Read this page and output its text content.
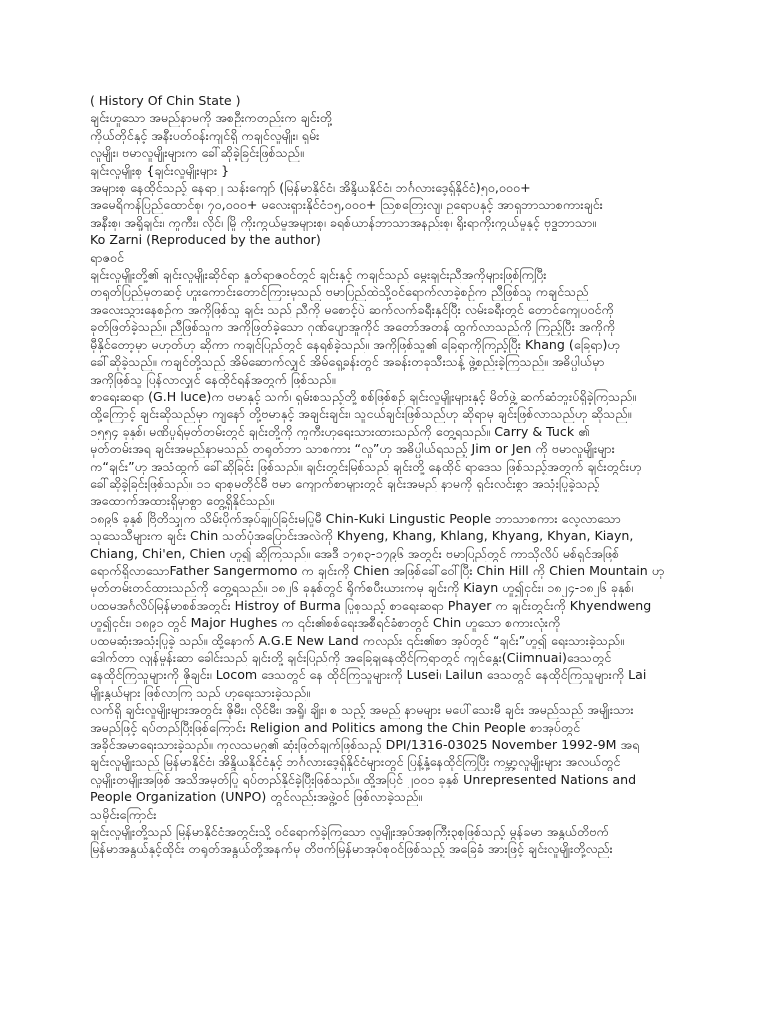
( History Of Chin State )

ချင်းဟူသော အမည်နာမကို အစဦးကတည်းက ချင်းတို့

ကိုယ်တိုင်နှင့် အနီးပတ်ဝန်းကျင်ရှိ ကချင်လူမျိုး၊ ရှမ်း

လူမျိုး၊ ဗမာလူမျိုးများက ခေါ်ဆိုခဲ့ခြင်းဖြစ်သည်။

ချင်းလူမျိုးစု {ချင်းလူမျိုးများ }

အများစု နေထိုင်သည့် နေရာ၂ သန်းကျော် (မြန်မာနိုင်ငံ၊ အိန္ဒိယနိုင်ငံ၊ ဘင်္ဂလားဒေ့ရှ်နိုင်ငံ)၅၀,၀၀၀+

အမေရိကန်ပြည်ထောင်စု၊ ၇၀,၀၀၀+ မလေးရှားနိုင်ငံ၁၅,၀၀၀+ သြစတြေးလျ၊ ဥရောပနှင့် အာရှဘာသာစကားချင်း

အနီးစု၊ အရှိုချင်း၊ ကူကီး၊ လိုင်၊ မြို ကိုးကွယ်မှုအများစု၊ ခရစ်ယာန်ဘာသာအနည်းစု၊ ရိုးရာကိုးကွယ်မှုနှင့် ဗုဒ္ဓဘာသာ။

Ko Zarni (Reproduced by the author)

ရာဇဝင်

ချင်းလူမျိုးတို့၏ ချင်းလူမျိုးဆိုင်ရာ နှုတ်ရာဇဝင်တွင် ချင်းနှင့် ကချင်သည် မွေးချင်းညီအကိုများဖြစ်ကြပြီး

တရုတ်ပြည်မှတဆင့် ဟူးကောင်းတောင်ကြားမှသည် ဗမာပြည်ထဲသို့ဝင်ရောက်လာခဲ့စဉ်က ညီဖြစ်သူ ကချင်သည်

အလေးသွားနေစဉ်က အကိုဖြစ်သူ ချင်း သည် ညီကို မစောင့်ပဲ ဆက်လက်ခရီးနှင်ပြီး လမ်းခရီးတွင် တောင်ကျေပဝင်ကို

ခုတ်ဖြတ်ခဲ့သည်။ ညီဖြစ်သူက အကိုဖြတ်ခဲ့သော ဂုဏ်ပျောအူကိုင် အတော်အတန် ထွက်လာသည်ကို ကြည့်ပြီး အကိုကို

မှီနိုင်တော့မှာ မဟုတ်ဟု ဆိုကာ ကချင်ပြည်တွင် နေရစ်ခဲ့သည်။ အကိုဖြစ်သူ၏ ခြေရာကိုကြည့်ပြီး Khang (ခြေရာ)ဟု

ခေါ်ဆိုခဲ့သည်။ ကချင်တို့သည် အိမ်ဆောက်လျှင် အိမ်ရှေ့ခန်းတွင် အခန်းတခုသီးသန့် ဖွဲ့စည်းခဲ့ကြသည်။ အဓိပ္ပါယ်မှာ

အကိုဖြစ်သူ ပြန်လာလျှင် နေထိုင်ရန်အတွက် ဖြစ်သည်။

စာရေးဆရာ (G.H luce)က ဗမာနှင့် သက်၊ ရှမ်းစသည့်တို့ စစ်ဖြစ်စဉ် ချင်းလူမျိုးများနှင့် မိတ်ဖွဲ့ ဆက်ဆံဘူးပ်ရှိခဲ့ကြသည်။

ထို့ကြောင့် ချင်းဆိုသည်မှာ ကျနော် တို့ဗမာနှင့် အချင်းချင်း၊ သူငယ်ချင်းဖြစ်သည်ဟု ဆိုရာမှ ချင်းဖြစ်လာသည်ဟု ဆိုသည်။

၁၅၅၄ ခုနှစ်၊ မဏိပူရ်မှတ်တမ်းတွင် ချင်းတို့ကို ကူကီးဟုရေးသားထားသည်ကို တွေ့ရသည်။ Carry & Tuck ၏

မှတ်တမ်းအရ ချင်းအမည်နာမသည် တရုတ်ဘာ သာစကား “လူ”ဟု အဓိပ္ပါယ်ရသည့် Jim or Jen ကို ဗမာလူမျိုးများ

က“ချင်း”ဟု အသံထွက် ခေါ်ဆိုခြင်း ဖြစ်သည်။ ချင်းတွင်းမြစ်သည် ချင်းတို့ နေထိုင် ရာဒေသ ဖြစ်သည့်အတွက် ချင်းတွင်းဟု

ခေါ်ဆိုခဲ့ခြင်းဖြစ်သည်။ ၁၁ ရာစုမတိုင်မီ ဗမာ ကျောက်စာများတွင် ချင်းအမည် နာမကို ရှင်းလင်းစွာ အသုံးပြုခဲ့သည့်

အထောက်အထားရှိမှာစွာ တွေ့ရှိနိုင်သည်။

၁၈၉၆ ခုနှစ် ဗြိတိသျှက သိမ်းပိုက်အုပ်ချုပ်ခြင်းမပြုမီ Chin-Kuki Lingustic People ဘာသာစကား လေ့လာသော

သုသေသီများက ချင်း Chin သတ်ပုံအပြောင်းအလဲကို Khyeng, Khang, Khlang, Khyang, Khyan, Kiayn,

Chiang, Chi'en, Chien ဟူ၍ ဆိုကြသည်။ အေဒီ ၁၇၈၃-၁၇၉၆ အတွင်း ဗမာပြည်တွင် ကာသိုလိပ် မစ်ရှင်အဖြစ်

ရောက်ရှိလာသောFather Sangermomo က ချင်းကို Chien အဖြစ်ခေါ်ဝေါ်ပြီး Chin Hill ကို Chien Mountain ဟု

မှတ်တမ်းတင်ထားသည်ကို တွေ့ရသည်။ ၁၈၂၆ ခုနှစ်တွင် ရိုက်စပီးယားကမှ ချင်းကို Kiayn ဟူ၍ငှင်း၊ ၁၈၂၄-၁၈၂၆ ခုနှစ်၊

ပထမအင်္ဂလိပ်မြန်မာစစ်အတွင်း Histroy of Burma ပြုစုသည့် စာရေးဆရာ Phayer က ချင်းတွင်းကို Khyendweng

ဟူ၍ငှင်း၊ ၁၈၉၁ တွင် Major Hughes က ၎င်း၏စစ်ရေးအစီရင်ခံစာတွင် Chin ဟူသော စကားလုံးကို

ပထမဆုံးအသုံးပြုခဲ့ သည်။ ထို့နောက် A.G.E New Land ကလည်း ၎င်း၏စာ အုပ်တွင် “ချင်း”ဟူ၍ ရေးသားခဲ့သည်။

ဒေါက်တာ လျန်မှုန်းဆာ ခေါင်းသည် ချင်းတို့ ချင်းပြည်ကို အခြေချနေထိုင်ကြရာတွင် ကျင်နွေး(Ciimnuai)ဒေသတွင်

နေထိုင်ကြသူများကို ဇိုချင်း၊ Locom ဒေသတွင် နေ ထိုင်ကြသူများကို Lusei၊ Lailun ဒေသတွင် နေထိုင်ကြသူများကို Lai

မျိုးနွယ်များ ဖြစ်လာကြ သည် ဟုရေးသားခဲ့သည်။

လက်ရှိ ချင်းလူမျိုးများအတွင်း ဇိုမီး၊ လိုင်မီး၊ အရှို၊ ချိုး၊ စ သည့် အမည် နာမများ မပေါ်သေးမီ ချင်း အမည်သည် အမျိုးသား

အမည်ဖြင့် ရပ်တည်ပြီးဖြစ်ကြောင်း Religion and Politics among the Chin People စာအုပ်တွင်

အခိုင်အမာရေးသားခဲ့သည်။ ကုလသမဂ္ဂ၏ ဆုံးဖြတ်ချက်ဖြစ်သည့် DPI/1316-03025 November 1992-9M အရ

ချင်းလူမျိုးသည် မြန်မာနိုင်ငံ၊ အိန္ဒိယနိုင်ငံနှင့် ဘင်္ဂလားဒေ့ရှ်နိုင်ငံများတွင် ပြန့်နှံ့နေထိုင်ကြပြီး ကမ္ဘာ့လူမျိုးများ အလယ်တွင်

လူမျိုးတမျိုးအဖြစ် အသိအမှတ်ပြု ရပ်တည်နိုင်ခဲ့ပြီးဖြစ်သည်။ ထို့အပြင် ၂၀၀၁ ခုနှစ် Unrepresented Nations and

People Organization (UNPO) တွင်လည်းအဖွဲ့ဝင် ဖြစ်လာခဲ့သည်။

သမိုင်းကြောင်း

ချင်းလူမျိုးတို့သည် မြန်မာနိုင်ငံအတွင်းသို့ ဝင်ရောက်ခဲ့ကြသော လူမျိုးအုပ်အစုကြီး၃စုဖြစ်သည့် မွန်ခမာ အနွယ်တိဗက်

မြန်မာအနွယ်နှင့်ထိုင်း တရုတ်အနွယ်တို့အနက်မှ တိဗက်မြန်မာအုပ်စုဝင်ဖြစ်သည့် အခြေခံ အားဖြင့် ချင်းလူမျိုးတို့လည်း
